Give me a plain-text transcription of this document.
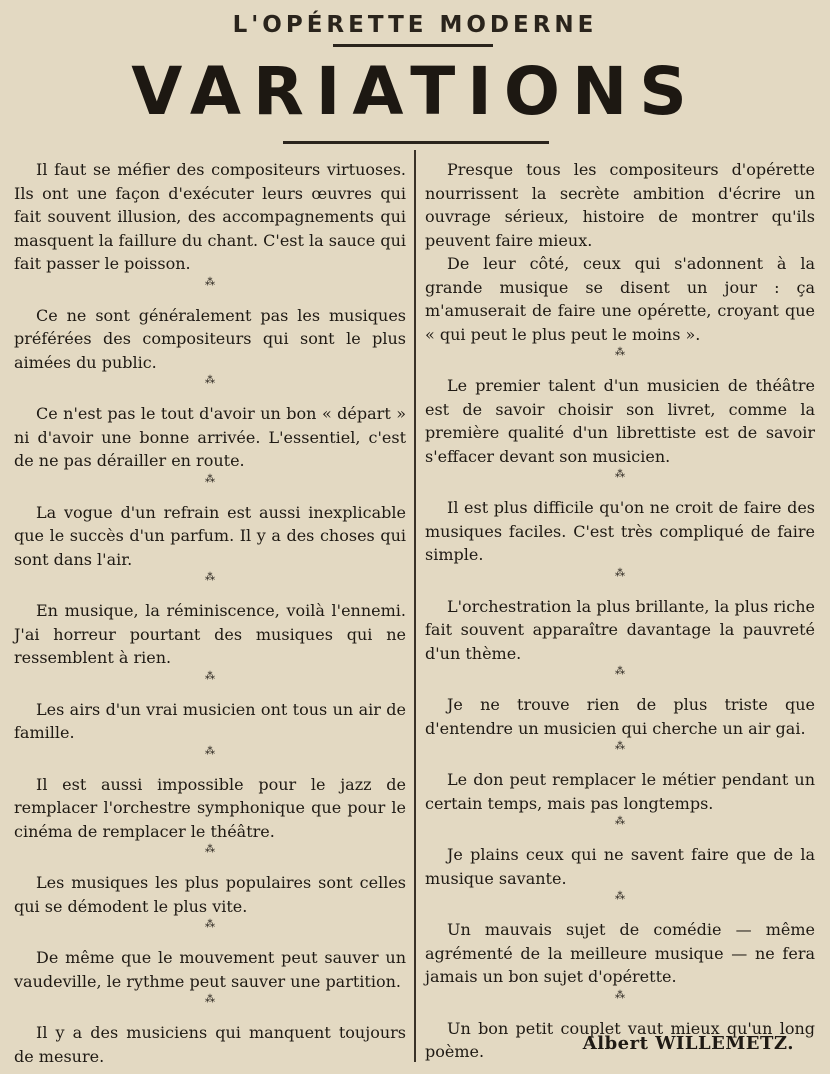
L'OPÉRETTE MODERNE
VARIATIONS

Il faut se méfier des compositeurs virtuoses. Ils ont une façon d'exécuter leurs œuvres qui fait souvent illusion, des accompagnements qui masquent la faillure du chant. C'est la sauce qui fait passer le poisson.

⁂

Ce ne sont généralement pas les musiques préférées des compositeurs qui sont le plus aimées du public.

⁂

Ce n'est pas le tout d'avoir un bon « départ » ni d'avoir une bonne arrivée. L'essentiel, c'est de ne pas dérailler en route.

⁂

La vogue d'un refrain est aussi inexplicable que le succès d'un parfum. Il y a des choses qui sont dans l'air.

⁂

En musique, la réminiscence, voilà l'ennemi. J'ai horreur pourtant des musiques qui ne ressemblent à rien.

⁂

Les airs d'un vrai musicien ont tous un air de famille.

⁂

Il est aussi impossible pour le jazz de remplacer l'orchestre symphonique que pour le cinéma de remplacer le théâtre.

⁂

Les musiques les plus populaires sont celles qui se démodent le plus vite.

⁂

De même que le mouvement peut sauver un vaudeville, le rythme peut sauver une partition.

⁂

Il y a des musiciens qui manquent toujours de mesure.

Presque tous les compositeurs d'opérette nourrissent la secrète ambition d'écrire un ouvrage sérieux, histoire de montrer qu'ils peuvent faire mieux.

De leur côté, ceux qui s'adonnent à la grande musique se disent un jour : ça m'amuserait de faire une opérette, croyant que « qui peut le plus peut le moins ».

⁂

Le premier talent d'un musicien de théâtre est de savoir choisir son livret, comme la première qualité d'un librettiste est de savoir s'effacer devant son musicien.

⁂

Il est plus difficile qu'on ne croit de faire des musiques faciles. C'est très compliqué de faire simple.

⁂

L'orchestration la plus brillante, la plus riche fait souvent apparaître davantage la pauvreté d'un thème.

⁂

Je ne trouve rien de plus triste que d'entendre un musicien qui cherche un air gai.

⁂

Le don peut remplacer le métier pendant un certain temps, mais pas longtemps.

⁂

Je plains ceux qui ne savent faire que de la musique savante.

⁂

Un mauvais sujet de comédie — même agrémenté de la meilleure musique — ne fera jamais un bon sujet d'opérette.

⁂

Un bon petit couplet vaut mieux qu'un long poème.	Albert WILLEMETZ.
